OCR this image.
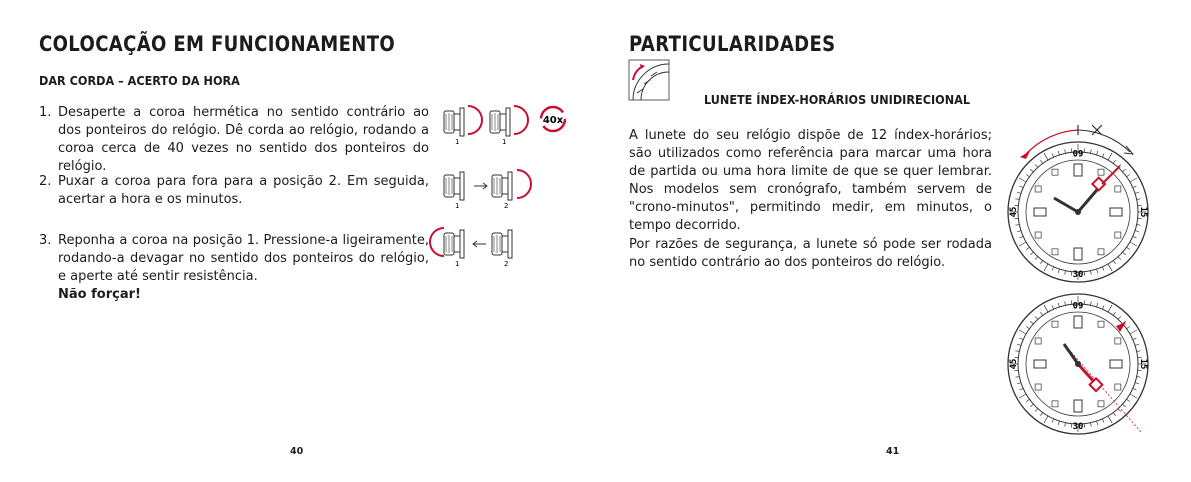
COLOCAÇÃO EM FUNCIONAMENTO
DAR CORDA – ACERTO DA HORA
1. Desaperte a coroa hermética no sentido contrário ao dos ponteiros do relógio. Dê corda ao relógio, rodando a coroa cerca de 40 vezes no sentido dos ponteiros do relógio.
2. Puxar a coroa para fora para a posição 2. Em seguida, acertar a hora e os minutos.
3. Reponha a coroa na posição 1. Pressione-a ligeiramente, rodando-a devagar no sentido dos ponteiros do relógio, e aperte até sentir resistência.
Não forçar!
1	1
40x
1	2
1	2
40
PARTICULARIDADES
LUNETE ÍNDEX-HORÁRIOS UNIDIRECIONAL
A lunete do seu relógio dispõe de 12 índex-horários; são utilizados como referência para marcar uma hora de partida ou uma hora limite de que se quer lembrar. Nos modelos sem cronógrafo, também servem de "crono-minutos", permitindo medir, em minutos, o tempo decorrido.
Por razões de segurança, a lunete só pode ser rodada no sentido contrário ao dos ponteiros do relógio.
60
15
30
45
60
15
30
45
41
